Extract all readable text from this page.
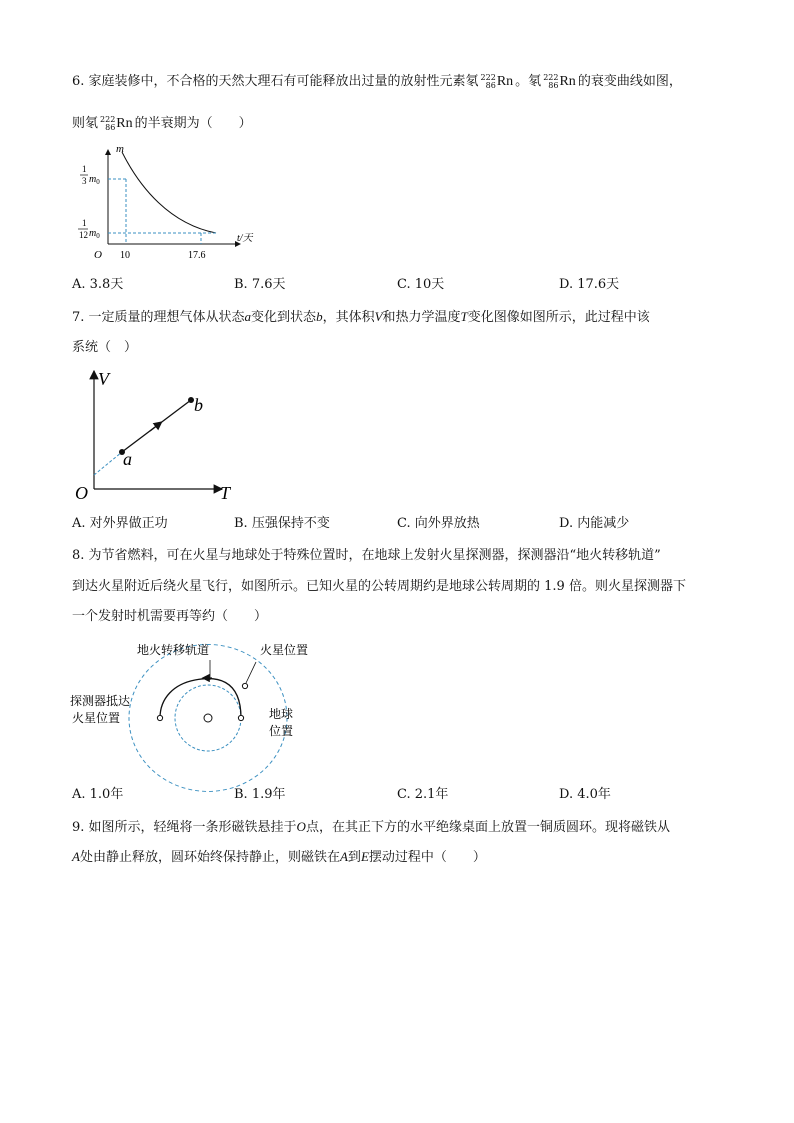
6. 家庭装修中，不合格的天然大理石有可能释放出过量的放射性元素氡 222
86 Rn 。氡 222
86 Rn 的衰变曲线如图，
则氡 222
86 Rn 的半衰期为（　　）
m
t/天
O
1
3 $m_0$
1
12 $m_0$
10	17.6
A. 3.8天	B. 7.6天	C. 10天	D. 17.6天
7. 一定质量的理想气体从状态a变化到状态b，其体积V和热力学温度T变化图像如图所示，此过程中该
系统（　）
V
T
O
a
b
A. 对外界做正功	B. 压强保持不变	C. 向外界放热	D. 内能减少
8. 为节省燃料，可在火星与地球处于特殊位置时，在地球上发射火星探测器，探测器沿“地火转移轨道”
到达火星附近后绕火星飞行，如图所示。已知火星的公转周期约是地球公转周期的 1.9 倍。则火星探测器下
一个发射时机需要再等约（　　）
地火转移轨道	火星位置
探测器抵达
火星位置	地球
位置
A. 1.0年	B. 1.9年	C. 2.1年	D. 4.0年
9. 如图所示，轻绳将一条形磁铁悬挂于O点，在其正下方的水平绝缘桌面上放置一铜质圆环。现将磁铁从
A处由静止释放，圆环始终保持静止，则磁铁在A到E摆动过程中（　　）
